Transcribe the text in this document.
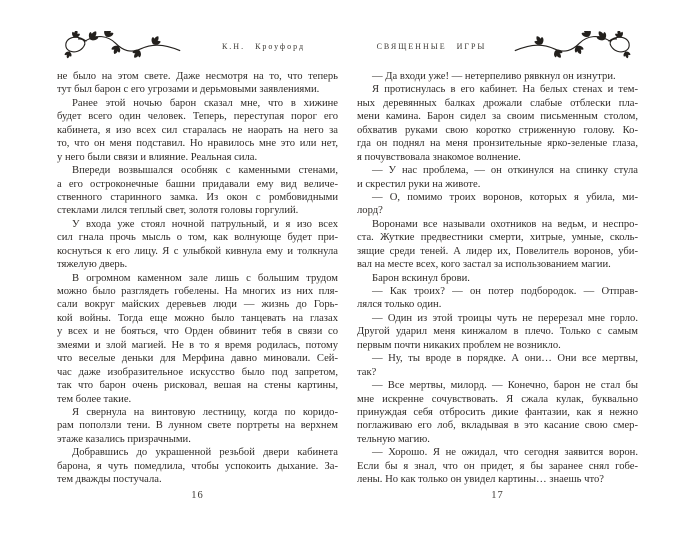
К.Н. Кроуфорд
не было на этом свете. Даже несмотря на то, что теперь
тут был барон с его угрозами и дерьмовыми заявлениями.
Ранее этой ночью барон сказал мне, что в хижине
будет всего один человек. Теперь, переступая порог его
кабинета, я изо всех сил старалась не наорать на него за
то, что он меня подставил. Но нравилось мне это или нет,
у него были связи и влияние. Реальная сила.
Впереди возвышался особняк с каменными стенами,
а его остроконечные башни придавали ему вид величе-
ственного старинного замка. Из окон с ромбовидными
стеклами лился теплый свет, золотя головы горгулий.
У входа уже стоял ночной патрульный, и я изо всех
сил гнала прочь мысль о том, как волнующе будет при-
коснуться к его лицу. Я с улыбкой кивнула ему и толкнула
тяжелую дверь.
В огромном каменном зале лишь с большим трудом
можно было разглядеть гобелены. На многих из них пля-
сали вокруг майских деревьев люди — жизнь до Горь-
кой войны. Тогда еще можно было танцевать на глазах
у всех и не бояться, что Орден обвинит тебя в связи со
змеями и злой магией. Не в то я время родилась, потому
что веселые деньки для Мерфина давно миновали. Сей-
час даже изобразительное искусство было под запретом,
так что барон очень рисковал, вешая на стены картины,
тем более такие.
Я свернула на винтовую лестницу, когда по коридо-
рам поползли тени. В лунном свете портреты на верхнем
этаже казались призрачными.
Добравшись до украшенной резьбой двери кабинета
барона, я чуть помедлила, чтобы успокоить дыхание. За-
тем дважды постучала.
16
СВЯЩЕННЫЕ ИГРЫ
— Да входи уже! — нетерпеливо рявкнул он изнутри.
Я протиснулась в его кабинет. На белых стенах и тем-
ных деревянных балках дрожали слабые отблески пла-
мени камина. Барон сидел за своим письменным столом,
обхватив руками свою коротко стриженную голову. Ко-
гда он поднял на меня пронзительные ярко-зеленые глаза,
я почувствовала знакомое волнение.
— У нас проблема, — он откинулся на спинку стула
и скрестил руки на животе.
— О, помимо троих воронов, которых я убила, ми-
лорд?
Воронами все называли охотников на ведьм, и неспро-
ста. Жуткие предвестники смерти, хитрые, умные, сколь-
зящие среди теней. А лидер их, Повелитель воронов, уби-
вал на месте всех, кого застал за использованием магии.
Барон вскинул брови.
— Как троих? — он потер подбородок. — Отправ-
лялся только один.
— Один из этой троицы чуть не перерезал мне горло.
Другой ударил меня кинжалом в плечо. Только с самым
первым почти никаких проблем не возникло.
— Ну, ты вроде в порядке. А они… Они все мертвы,
так?
— Все мертвы, милорд. — Конечно, барон не стал бы
мне искренне сочувствовать. Я сжала кулак, буквально
принуждая себя отбросить дикие фантазии, как я нежно
поглаживаю его лоб, вкладывая в это касание свою смер-
тельную магию.
— Хорошо. Я не ожидал, что сегодня заявится ворон.
Если бы я знал, что он придет, я бы заранее снял гобе-
лены. Но как только он увидел картины… знаешь что?
17
